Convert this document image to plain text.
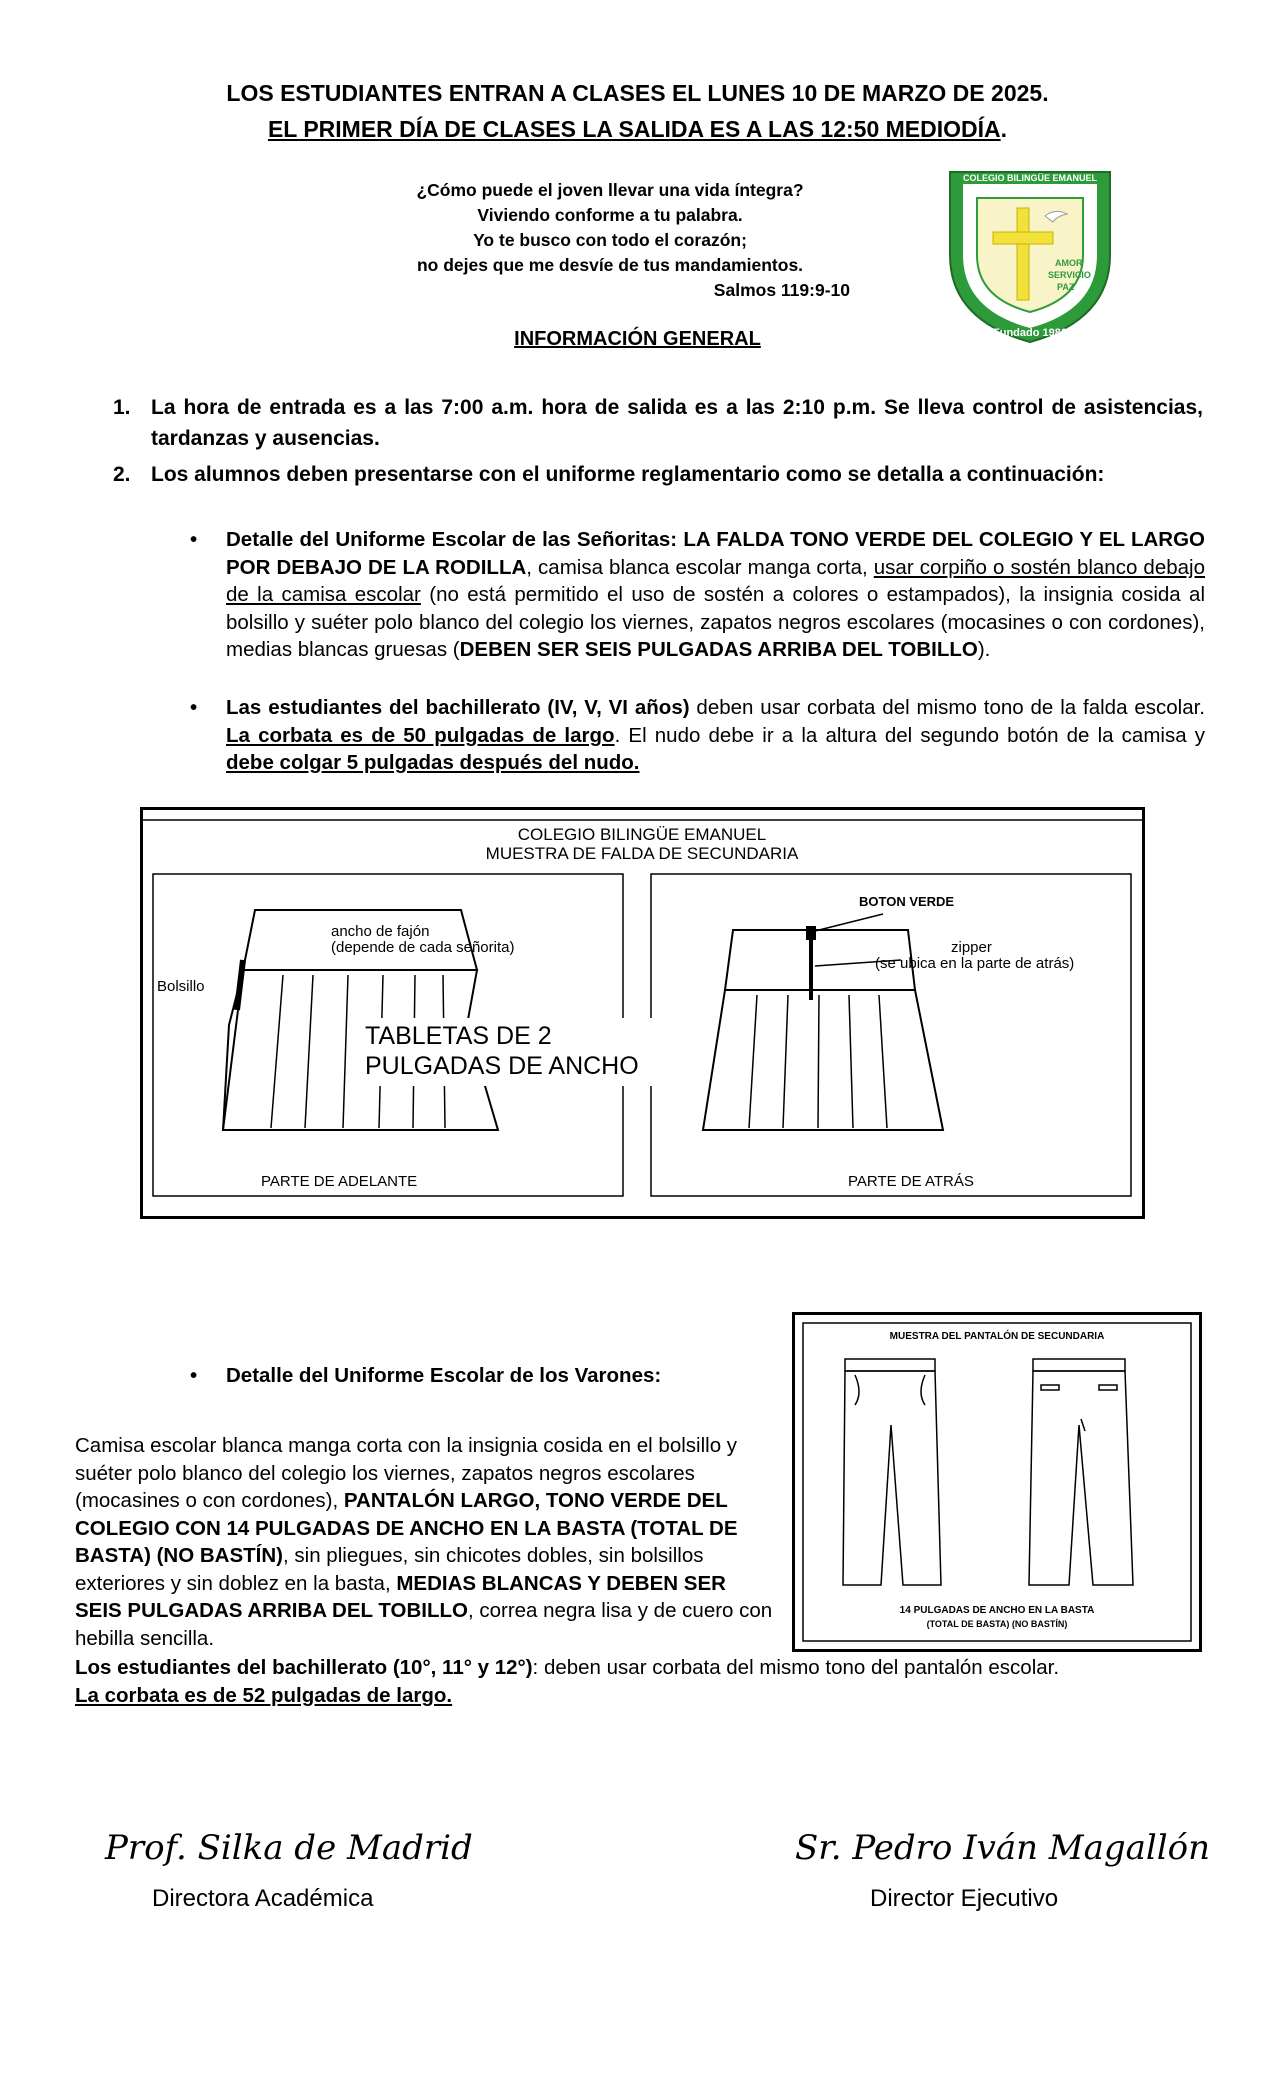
LOS ESTUDIANTES ENTRAN A CLASES EL LUNES 10 DE MARZO DE 2025.
EL PRIMER DÍA DE CLASES LA SALIDA ES A LAS 12:50 MEDIODÍA.
¿Cómo puede el joven llevar una vida íntegra?
Viviendo conforme a tu palabra.
Yo te busco con todo el corazón;
no dejes que me desvíe de tus mandamientos.
Salmos 119:9-10
COLEGIO BILINGÜE EMANUEL
AMOR
SERVICIO
PAZ
Fundado 1986
INFORMACIÓN GENERAL
1. La hora de entrada es a las 7:00 a.m. hora de salida es a las 2:10 p.m. Se lleva control de asistencias, tardanzas y ausencias.
2. Los alumnos deben presentarse con el uniforme reglamentario como se detalla a continuación:
• Detalle del Uniforme Escolar de las Señoritas: LA FALDA TONO VERDE DEL COLEGIO Y EL LARGO POR DEBAJO DE LA RODILLA, camisa blanca escolar manga corta, usar corpiño o sostén blanco debajo de la camisa escolar (no está permitido el uso de sostén a colores o estampados), la insignia cosida al bolsillo y suéter polo blanco del colegio los viernes, zapatos negros escolares (mocasines o con cordones), medias blancas gruesas (DEBEN SER SEIS PULGADAS ARRIBA DEL TOBILLO).
• Las estudiantes del bachillerato (IV, V, VI años) deben usar corbata del mismo tono de la falda escolar. La corbata es de 50 pulgadas de largo. El nudo debe ir a la altura del segundo botón de la camisa y debe colgar 5 pulgadas después del nudo.
COLEGIO BILINGÜE EMANUEL
MUESTRA DE FALDA DE SECUNDARIA
ancho de fajón
(depende de cada señorita)
Bolsillo
TABLETAS DE 2
PULGADAS DE ANCHO
PARTE DE ADELANTE
BOTON VERDE
zipper
(se ubica en la parte de atrás)
PARTE DE ATRÁS
• Detalle del Uniforme Escolar de los Varones:
MUESTRA DEL PANTALÓN DE SECUNDARIA
14 PULGADAS DE ANCHO EN LA BASTA
(TOTAL DE BASTA) (NO BASTÍN)
Camisa escolar blanca manga corta con la insignia cosida en el bolsillo y suéter polo blanco del colegio los viernes, zapatos negros escolares (mocasines o con cordones), PANTALÓN LARGO, TONO VERDE DEL COLEGIO CON 14 PULGADAS DE ANCHO EN LA BASTA (TOTAL DE BASTA) (NO BASTÍN), sin pliegues, sin chicotes dobles, sin bolsillos exteriores y sin doblez en la basta, MEDIAS BLANCAS Y DEBEN SER SEIS PULGADAS ARRIBA DEL TOBILLO, correa negra lisa y de cuero con hebilla sencilla.
Los estudiantes del bachillerato (10°, 11° y 12°): deben usar corbata del mismo tono del pantalón escolar.
La corbata es de 52 pulgadas de largo.
Prof. Silka de Madrid	Sr. Pedro Iván Magallón
Directora Académica	Director Ejecutivo
